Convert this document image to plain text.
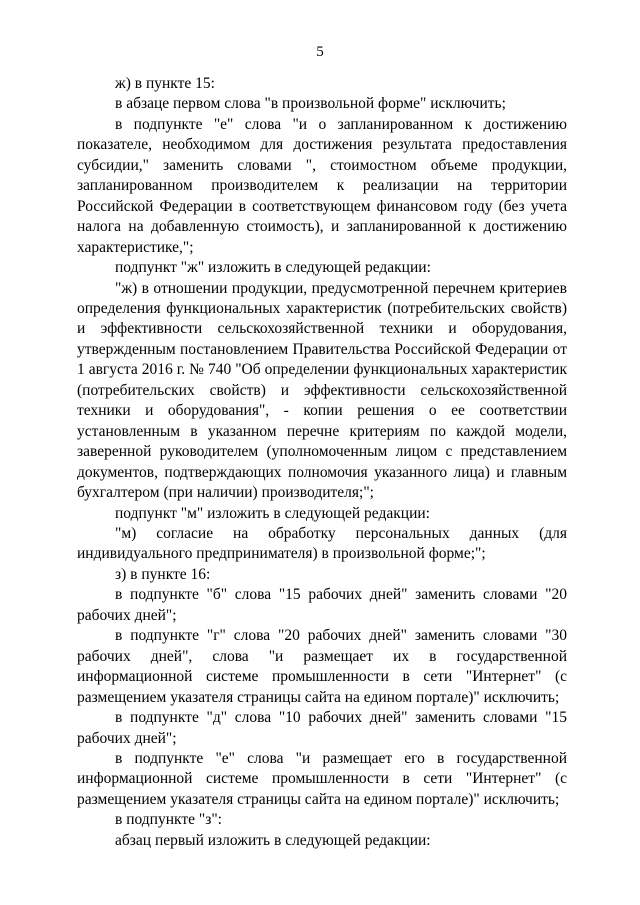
5

ж) в пункте 15:

в абзаце первом слова "в произвольной форме" исключить;

в подпункте "е" слова "и о запланированном к достижению показателе, необходимом для достижения результата предоставления субсидии," заменить словами ", стоимостном объеме продукции, запланированном производителем к реализации на территории Российской Федерации в соответствующем финансовом году (без учета налога на добавленную стоимость), и запланированной к достижению характеристике,";

подпункт "ж" изложить в следующей редакции:

"ж) в отношении продукции, предусмотренной перечнем критериев определения функциональных характеристик (потребительских свойств) и эффективности сельскохозяйственной техники и оборудования, утвержденным постановлением Правительства Российской Федерации от 1 августа 2016 г. № 740 "Об определении функциональных характеристик (потребительских свойств) и эффективности сельскохозяйственной техники и оборудования", - копии решения о ее соответствии установленным в указанном перечне критериям по каждой модели, заверенной руководителем (уполномоченным лицом с представлением документов, подтверждающих полномочия указанного лица) и главным бухгалтером (при наличии) производителя;";

подпункт "м" изложить в следующей редакции:

"м) согласие на обработку персональных данных (для индивидуального предпринимателя) в произвольной форме;";

з) в пункте 16:

в подпункте "б" слова "15 рабочих дней" заменить словами "20 рабочих дней";

в подпункте "г" слова "20 рабочих дней" заменить словами "30 рабочих дней", слова "и размещает их в государственной информационной системе промышленности в сети "Интернет" (с размещением указателя страницы сайта на едином портале)" исключить;

в подпункте "д" слова "10 рабочих дней" заменить словами "15 рабочих дней";

в подпункте "е" слова "и размещает его в государственной информационной системе промышленности в сети "Интернет" (с размещением указателя страницы сайта на едином портале)" исключить;

в подпункте "з":

абзац первый изложить в следующей редакции:
